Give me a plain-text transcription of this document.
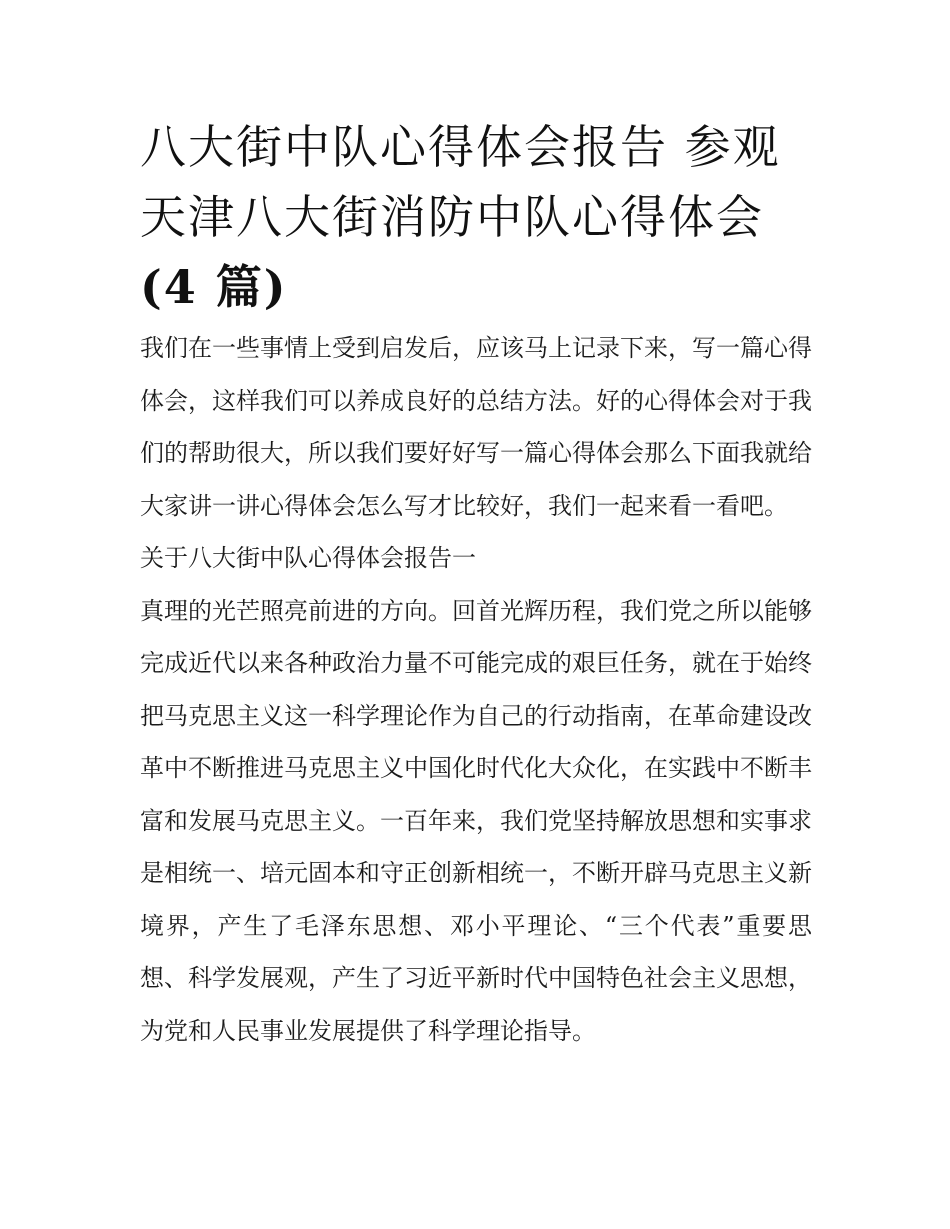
八大街中队心得体会报告 参观天津八大街消防中队心得体会(4 篇)

我们在一些事情上受到启发后，应该马上记录下来，写一篇心得体会，这样我们可以养成良好的总结方法。好的心得体会对于我们的帮助很大，所以我们要好好写一篇心得体会那么下面我就给大家讲一讲心得体会怎么写才比较好，我们一起来看一看吧。

关于八大街中队心得体会报告一

真理的光芒照亮前进的方向。回首光辉历程，我们党之所以能够完成近代以来各种政治力量不可能完成的艰巨任务，就在于始终把马克思主义这一科学理论作为自己的行动指南，在革命建设改革中不断推进马克思主义中国化时代化大众化，在实践中不断丰富和发展马克思主义。一百年来，我们党坚持解放思想和实事求是相统一、培元固本和守正创新相统一，不断开辟马克思主义新境界，产生了毛泽东思想、邓小平理论、“三个代表”重要思想、科学发展观，产生了习近平新时代中国特色社会主义思想，为党和人民事业发展提供了科学理论指导。
